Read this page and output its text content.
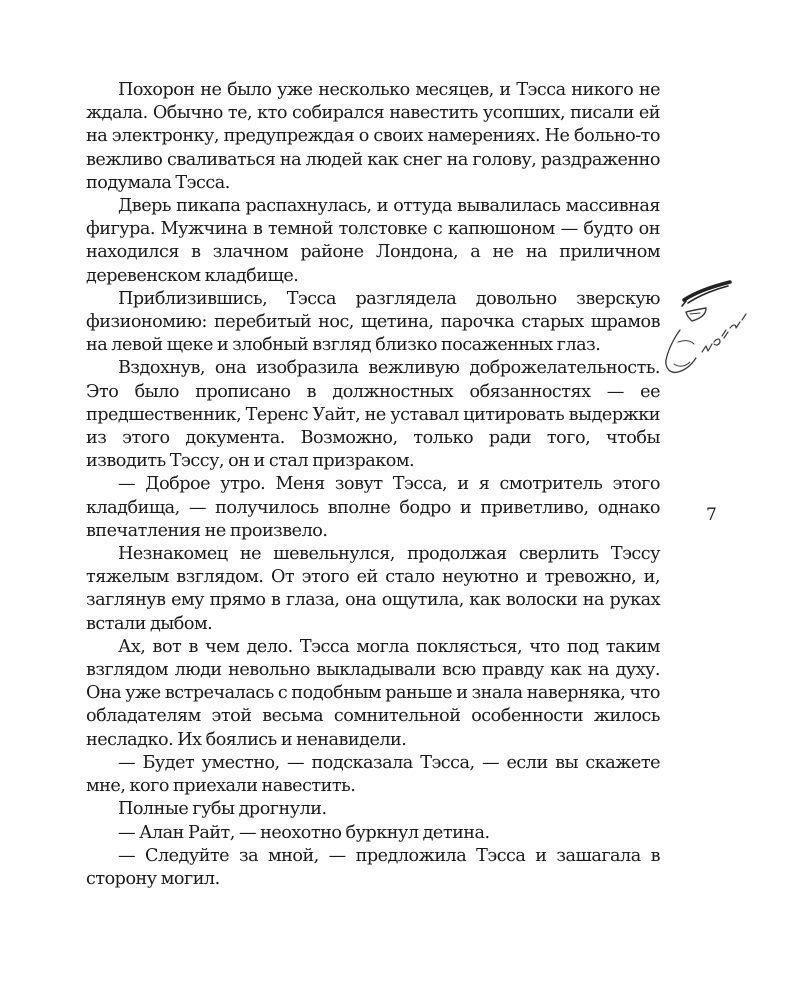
Похорон не было уже несколько месяцев, и Тэсса никого не ждала. Обычно те, кто собирался навестить усопших, писали ей на электронку, предупреждая о своих намерениях. Не больно-то вежливо сваливаться на людей как снег на голову, раздраженно подумала Тэсса.

Дверь пикапа распахнулась, и оттуда вывалилась массивная фигура. Мужчина в темной толстовке с капюшоном — будто он находился в злачном районе Лондона, а не на приличном деревенском кладбище.

Приблизившись, Тэсса разглядела довольно зверскую физиономию: перебитый нос, щетина, парочка старых шрамов на левой щеке и злобный взгляд близко посаженных глаз.

Вздохнув, она изобразила вежливую доброжелательность. Это было прописано в должностных обязанностях — ее предшественник, Теренс Уайт, не уставал цитировать выдержки из этого документа. Возможно, только ради того, чтобы изводить Тэссу, он и стал призраком.

— Доброе утро. Меня зовут Тэсса, и я смотритель этого кладбища, — получилось вполне бодро и приветливо, однако впечатления не произвело.

Незнакомец не шевельнулся, продолжая сверлить Тэссу тяжелым взглядом. От этого ей стало неуютно и тревожно, и, заглянув ему прямо в глаза, она ощутила, как волоски на руках встали дыбом.

Ах, вот в чем дело. Тэсса могла поклясться, что под таким взглядом люди невольно выкладывали всю правду как на духу. Она уже встречалась с подобным раньше и знала наверняка, что обладателям этой весьма сомнительной особенности жилось несладко. Их боялись и ненавидели.

— Будет уместно, — подсказала Тэсса, — если вы скажете мне, кого приехали навестить.

Полные губы дрогнули.

— Алан Райт, — неохотно буркнул детина.

— Следуйте за мной, — предложила Тэсса и зашагала в сторону могил.

7
